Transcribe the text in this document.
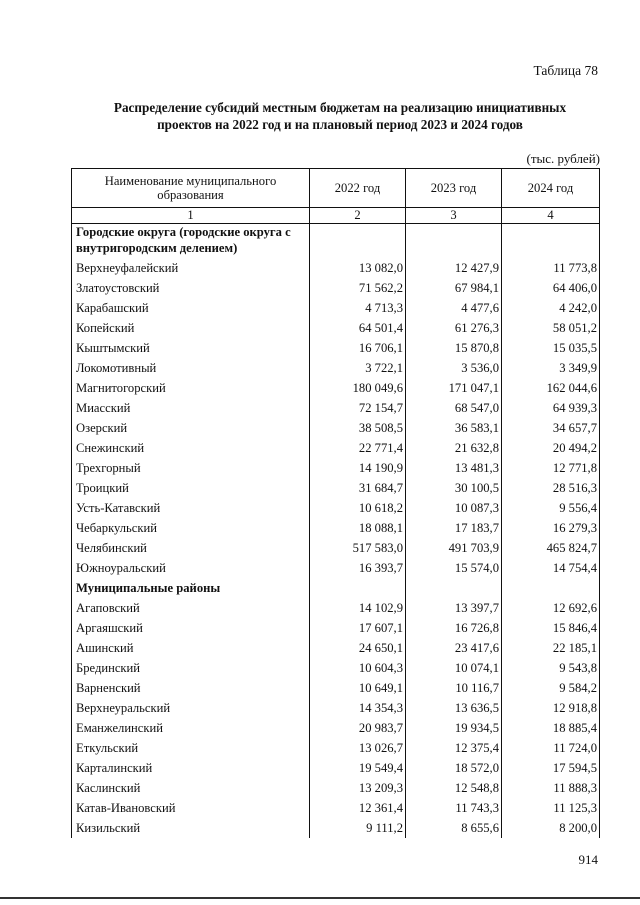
Таблица 78
Распределение субсидий местным бюджетам на реализацию инициативных
проектов на 2022 год и на плановый период 2023 и 2024 годов
(тыс. рублей)
Наименование муниципального образования	2022 год	2023 год	2024 год
1	2	3	4
Городские округа (городские округа с внутригородским делением)			
Верхнеуфалейский	13 082,0	12 427,9	11 773,8
Златоустовский	71 562,2	67 984,1	64 406,0
Карабашский	4 713,3	4 477,6	4 242,0
Копейский	64 501,4	61 276,3	58 051,2
Кыштымский	16 706,1	15 870,8	15 035,5
Локомотивный	3 722,1	3 536,0	3 349,9
Магнитогорский	180 049,6	171 047,1	162 044,6
Миасский	72 154,7	68 547,0	64 939,3
Озерский	38 508,5	36 583,1	34 657,7
Снежинский	22 771,4	21 632,8	20 494,2
Трехгорный	14 190,9	13 481,3	12 771,8
Троицкий	31 684,7	30 100,5	28 516,3
Усть-Катавский	10 618,2	10 087,3	9 556,4
Чебаркульский	18 088,1	17 183,7	16 279,3
Челябинский	517 583,0	491 703,9	465 824,7
Южноуральский	16 393,7	15 574,0	14 754,4
Муниципальные районы			
Агаповский	14 102,9	13 397,7	12 692,6
Аргаяшский	17 607,1	16 726,8	15 846,4
Ашинский	24 650,1	23 417,6	22 185,1
Брединский	10 604,3	10 074,1	9 543,8
Варненский	10 649,1	10 116,7	9 584,2
Верхнеуральский	14 354,3	13 636,5	12 918,8
Еманжелинский	20 983,7	19 934,5	18 885,4
Еткульский	13 026,7	12 375,4	11 724,0
Карталинский	19 549,4	18 572,0	17 594,5
Каслинский	13 209,3	12 548,8	11 888,3
Катав-Ивановский	12 361,4	11 743,3	11 125,3
Кизильский	9 111,2	8 655,6	8 200,0
914
